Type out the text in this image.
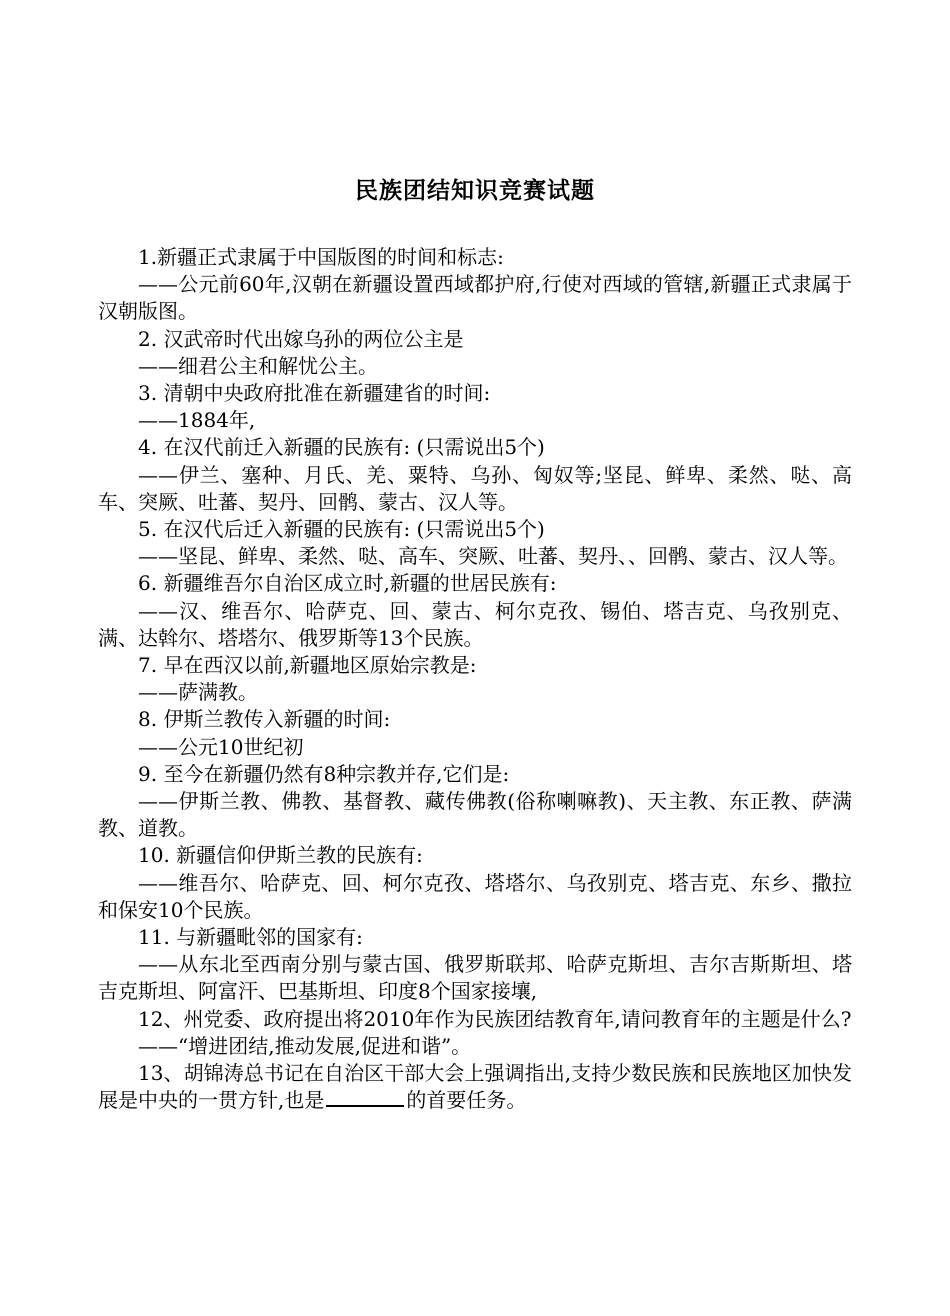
民族团结知识竞赛试题

1.新疆正式隶属于中国版图的时间和标志:

——公元前60年,汉朝在新疆设置西域都护府,行使对西域的管辖,新疆正式隶属于汉朝版图。

2. 汉武帝时代出嫁乌孙的两位公主是

——细君公主和解忧公主。

3. 清朝中央政府批准在新疆建省的时间:

——1884年,

4. 在汉代前迁入新疆的民族有: (只需说出5个)

——伊兰、塞种、月氏、羌、粟特、乌孙、匈奴等;坚昆、鲜卑、柔然、哒、高车、突厥、吐蕃、契丹、回鹘、蒙古、汉人等。

5. 在汉代后迁入新疆的民族有: (只需说出5个)

——坚昆、鲜卑、柔然、哒、高车、突厥、吐蕃、契丹、、回鹘、蒙古、汉人等。

6. 新疆维吾尔自治区成立时,新疆的世居民族有:

——汉、维吾尔、哈萨克、回、蒙古、柯尔克孜、锡伯、塔吉克、乌孜别克、满、达斡尔、塔塔尔、俄罗斯等13个民族。

7. 早在西汉以前,新疆地区原始宗教是:

——萨满教。

8. 伊斯兰教传入新疆的时间:

——公元10世纪初

9. 至今在新疆仍然有8种宗教并存,它们是:

——伊斯兰教、佛教、基督教、藏传佛教(俗称喇嘛教)、天主教、东正教、萨满教、道教。

10. 新疆信仰伊斯兰教的民族有:

——维吾尔、哈萨克、回、柯尔克孜、塔塔尔、乌孜别克、塔吉克、东乡、撒拉和保安10个民族。

11. 与新疆毗邻的国家有:

——从东北至西南分别与蒙古国、俄罗斯联邦、哈萨克斯坦、吉尔吉斯斯坦、塔吉克斯坦、阿富汗、巴基斯坦、印度8个国家接壤,

12、州党委、政府提出将2010年作为民族团结教育年,请问教育年的主题是什么?

——“增进团结,推动发展,促进和谐”。

13、胡锦涛总书记在自治区干部大会上强调指出,支持少数民族和民族地区加快发展是中央的一贯方针,也是	的首要任务。
